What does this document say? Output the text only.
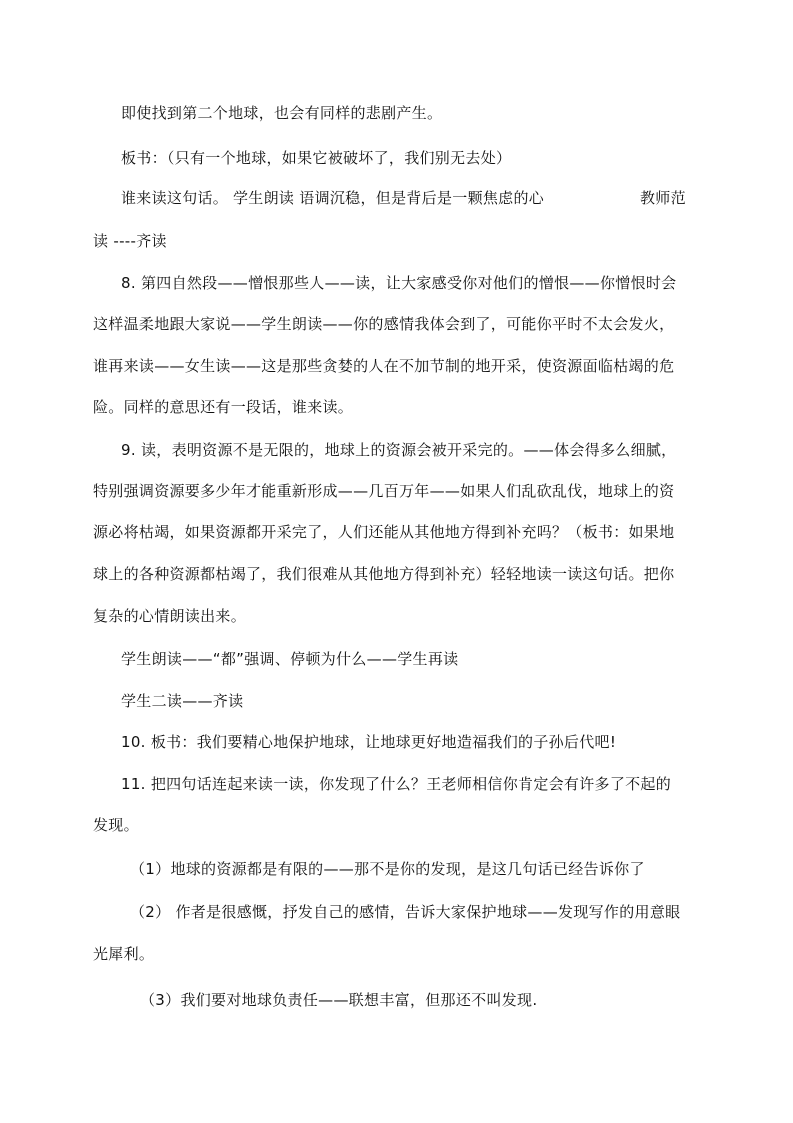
即使找到第二个地球，也会有同样的悲剧产生。
板书：（只有一个地球，如果它被破坏了，我们别无去处）
谁来读这句话。 学生朗读 语调沉稳，但是背后是一颗焦虑的心	教师范
读 ----齐读
8. 第四自然段——憎恨那些人——读，让大家感受你对他们的憎恨——你憎恨时会
这样温柔地跟大家说——学生朗读——你的感情我体会到了，可能你平时不太会发火，
谁再来读——女生读——这是那些贪婪的人在不加节制的地开采，使资源面临枯竭的危
险。同样的意思还有一段话，谁来读。
9. 读，表明资源不是无限的，地球上的资源会被开采完的。——体会得多么细腻，
特别强调资源要多少年才能重新形成——几百万年——如果人们乱砍乱伐，地球上的资
源必将枯竭，如果资源都开采完了，人们还能从其他地方得到补充吗？（板书：如果地
球上的各种资源都枯竭了，我们很难从其他地方得到补充）轻轻地读一读这句话。把你
复杂的心情朗读出来。
学生朗读——“都”强调、停顿为什么——学生再读
学生二读——齐读
10. 板书：我们要精心地保护地球，让地球更好地造福我们的子孙后代吧!
11. 把四句话连起来读一读，你发现了什么？王老师相信你肯定会有许多了不起的
发现。
（1）地球的资源都是有限的——那不是你的发现，是这几句话已经告诉你了
（2） 作者是很感慨，抒发自己的感情，告诉大家保护地球——发现写作的用意眼
光犀利。
（3）我们要对地球负责任——联想丰富，但那还不叫发现.
